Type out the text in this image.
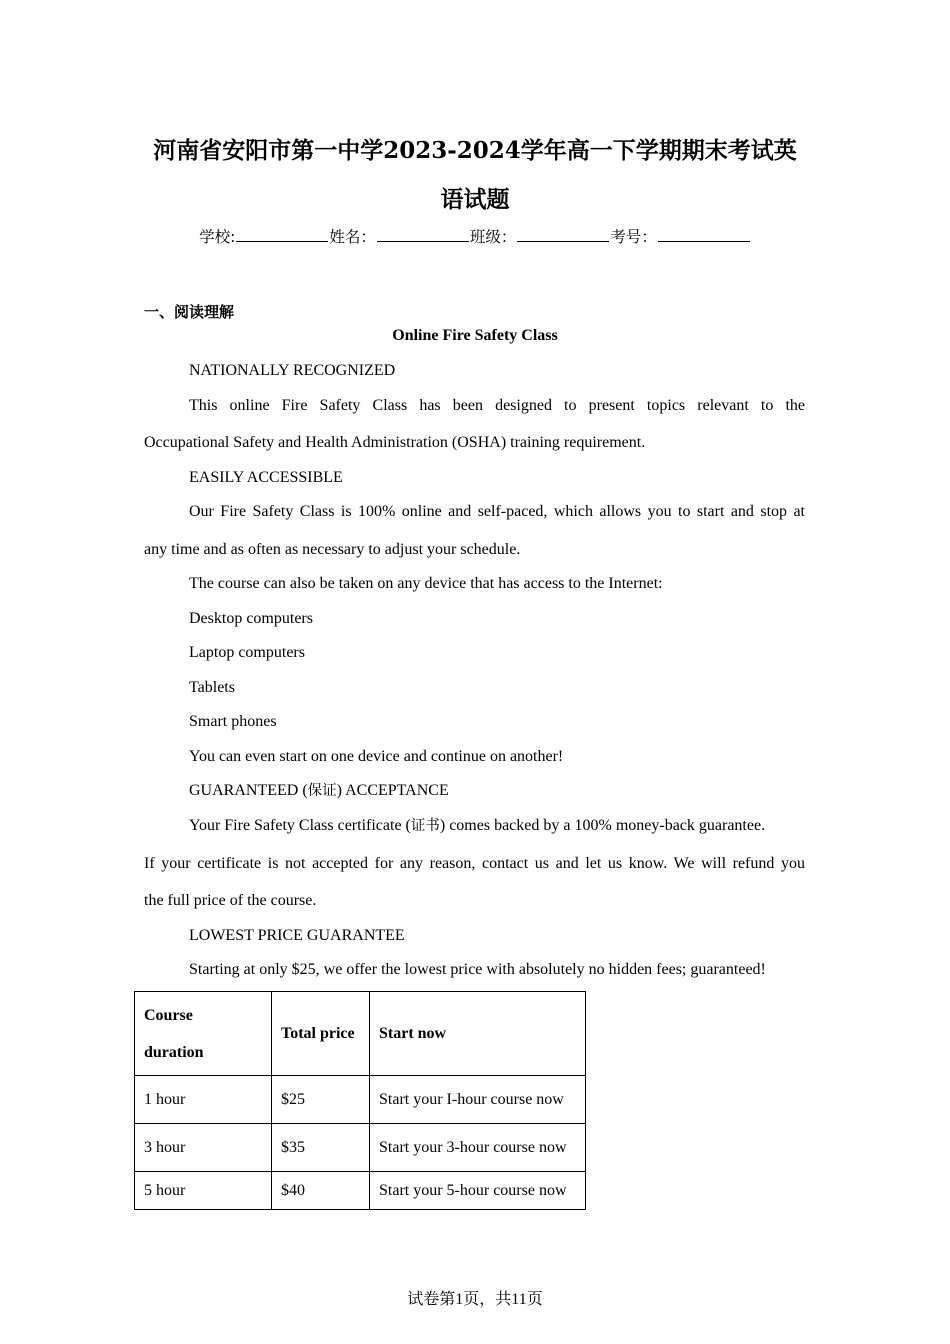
河南省安阳市第一中学2023-2024学年高一下学期期末考试英
语试题
学校:	姓名：	班级：	考号：
一、阅读理解
Online Fire Safety Class
NATIONALLY RECOGNIZED
This online Fire Safety Class has been designed to present topics relevant to the
Occupational Safety and Health Administration (OSHA) training requirement.
EASILY ACCESSIBLE
Our Fire Safety Class is 100% online and self-paced, which allows you to start and stop at
any time and as often as necessary to adjust your schedule.
The course can also be taken on any device that has access to the Internet:
Desktop computers
Laptop computers
Tablets
Smart phones
You can even start on one device and continue on another!
GUARANTEED (保证) ACCEPTANCE
Your Fire Safety Class certificate (证书) comes backed by a 100% money-back guarantee.
If your certificate is not accepted for any reason, contact us and let us know. We will refund you
the full price of the course.
LOWEST PRICE GUARANTEE
Starting at only $25, we offer the lowest price with absolutely no hidden fees; guaranteed!
Course
duration	Total price	Start now
1 hour	$25	Start your I-hour course now
3 hour	$35	Start your 3-hour course now
5 hour	$40	Start your 5-hour course now
试卷第1页，共11页
